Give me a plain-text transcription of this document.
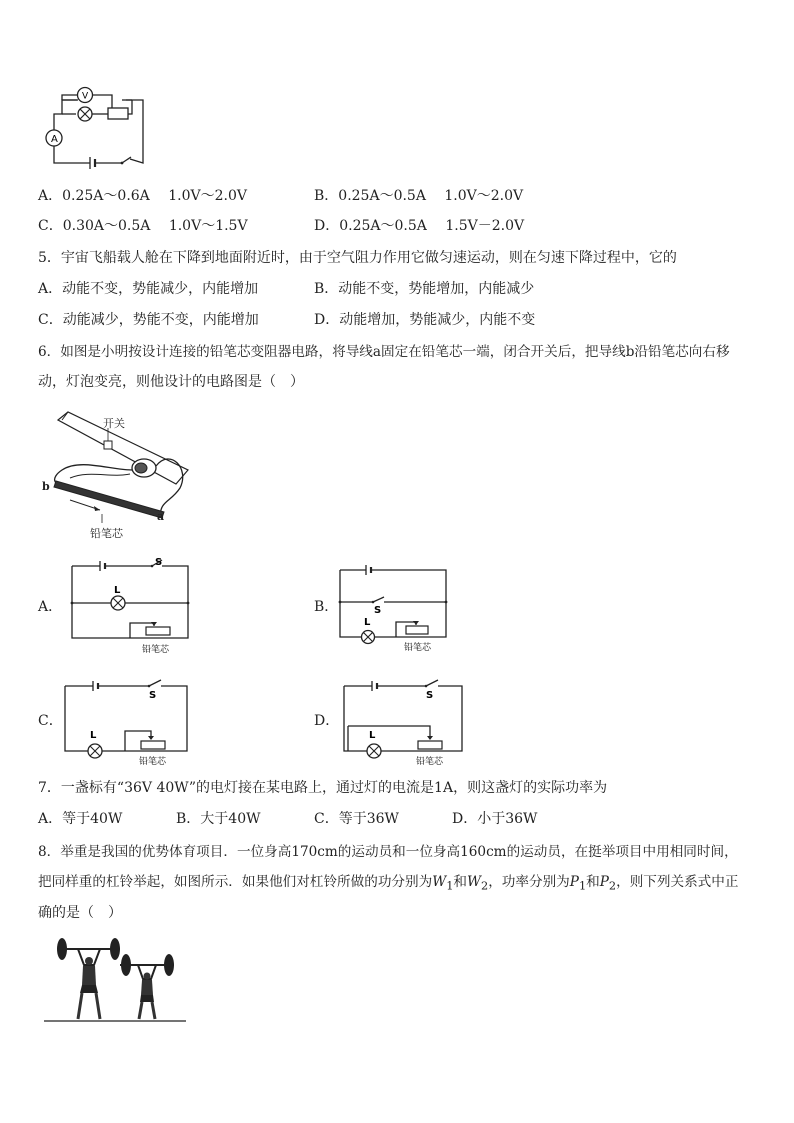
A
V
A．0.25A～0.6A　 1.0V～2.0V	B．0.25A～0.5A　 1.0V～2.0V
C．0.30A～0.5A　 1.0V～1.5V	D．0.25A～0.5A　 1.5V－2.0V
5．宇宙飞船载人舱在下降到地面附近时，由于空气阻力作用它做匀速运动，则在匀速下降过程中，它的
A．动能不变，势能减少，内能增加	B．动能不变，势能增加，内能减少
C．动能减少，势能不变，内能增加	D．动能增加，势能减少，内能不变
6．如图是小明按设计连接的铅笔芯变阻器电路，将导线a固定在铅笔芯一端，闭合开关后，把导线b沿铅笔芯向右移
动，灯泡变亮，则他设计的电路图是（　）
开关
b
a
铅笔芯
A．
L
S
铅笔芯
B．
L
S
铅笔芯
C．
L
S
铅笔芯
D．
L
S
铅笔芯
7．一盏标有“36V 40W”的电灯接在某电路上，通过灯的电流是1A，则这盏灯的实际功率为
A．等于40W	B．大于40W	C．等于36W	D．小于36W
8．举重是我国的优势体育项目．一位身高170cm的运动员和一位身高160cm的运动员，在挺举项目中用相同时间，
把同样重的杠铃举起，如图所示．如果他们对杠铃所做的功分别为$W_1$和$W_2$，功率分别为$P_1$和$P_2$，则下列关系式中正
确的是（　）
